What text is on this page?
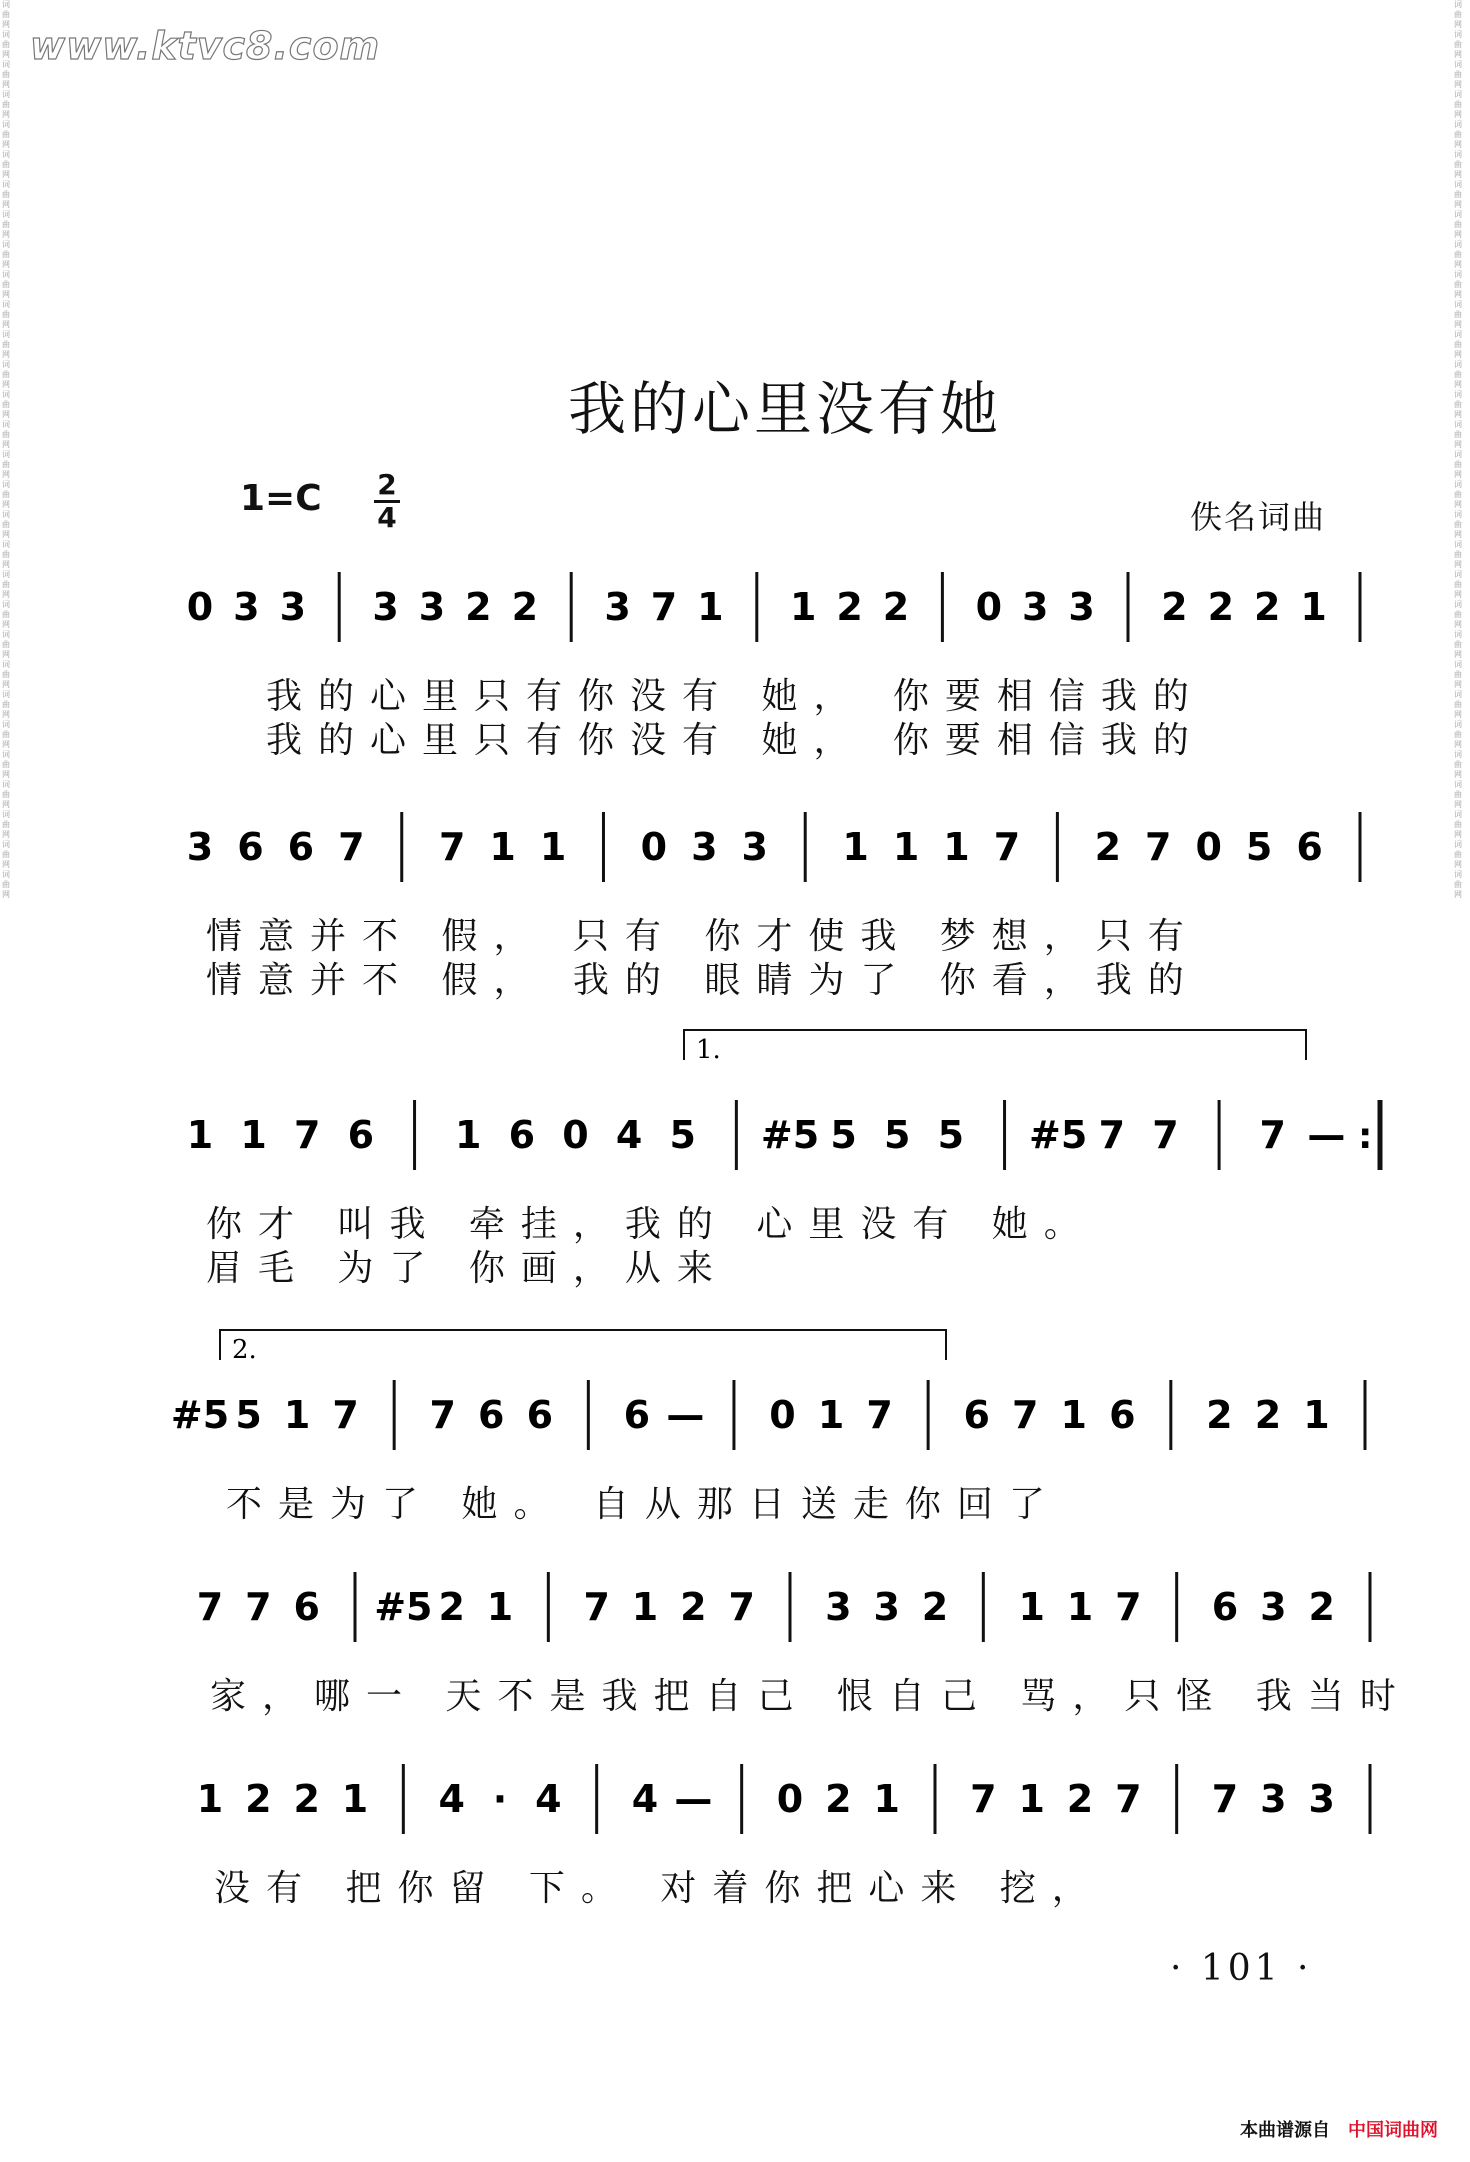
www.ktvc8.com
词曲网词曲网词曲网词曲网词曲网词曲网词曲网词曲网词曲网词曲网词曲网词曲网词曲网词曲网词曲网词曲网词曲网词曲网词曲网词曲网词曲网词曲网词曲网词曲网词曲网词曲网词曲网词曲网词曲网词曲网
词曲网词曲网词曲网词曲网词曲网词曲网词曲网词曲网词曲网词曲网词曲网词曲网词曲网词曲网词曲网词曲网词曲网词曲网词曲网词曲网词曲网词曲网词曲网词曲网词曲网词曲网词曲网词曲网词曲网词曲网
我的心里没有她
1=C 2
4	佚名词曲
0 3 3 3 3 2 2 3 7 1 1 2 2 0 3 3 2 2 2 1
3 6 6 7 7 1 1 0 3 3 1 1 1 7 2 7 0 5 6
1.
1 1 7 6 1 6 0 4 5 #5 5 5 5 #5 7 7 7 — :
2.
#5 5 1 7 7 6 6 6 — 0 1 7 6 7 1 6 2 2 1
7 7 6 #5 2 1 7 1 2 7 3 3 2 1 1 7 6 3 2
1 2 2 1 4 · 4 4 — 0 2 1 7 1 2 7 7 3 3
我的心里只有你没有 她， 你要相信我的
我的心里只有你没有 她， 你要相信我的
情意并不 假， 只有 你才使我 梦想，只有
情意并不 假， 我的 眼睛为了 你看，我的
你才 叫我 牵挂，我的 心里没有 她。
眉毛 为了 你画，从来
不是为了 她。 自从那日送走你回了
家，哪一 天不是我把自己 恨自己 骂，只怪 我当时
没有 把你留 下。 对着你把心来 挖，
· 101 ·
本曲谱源自 中国词曲网
